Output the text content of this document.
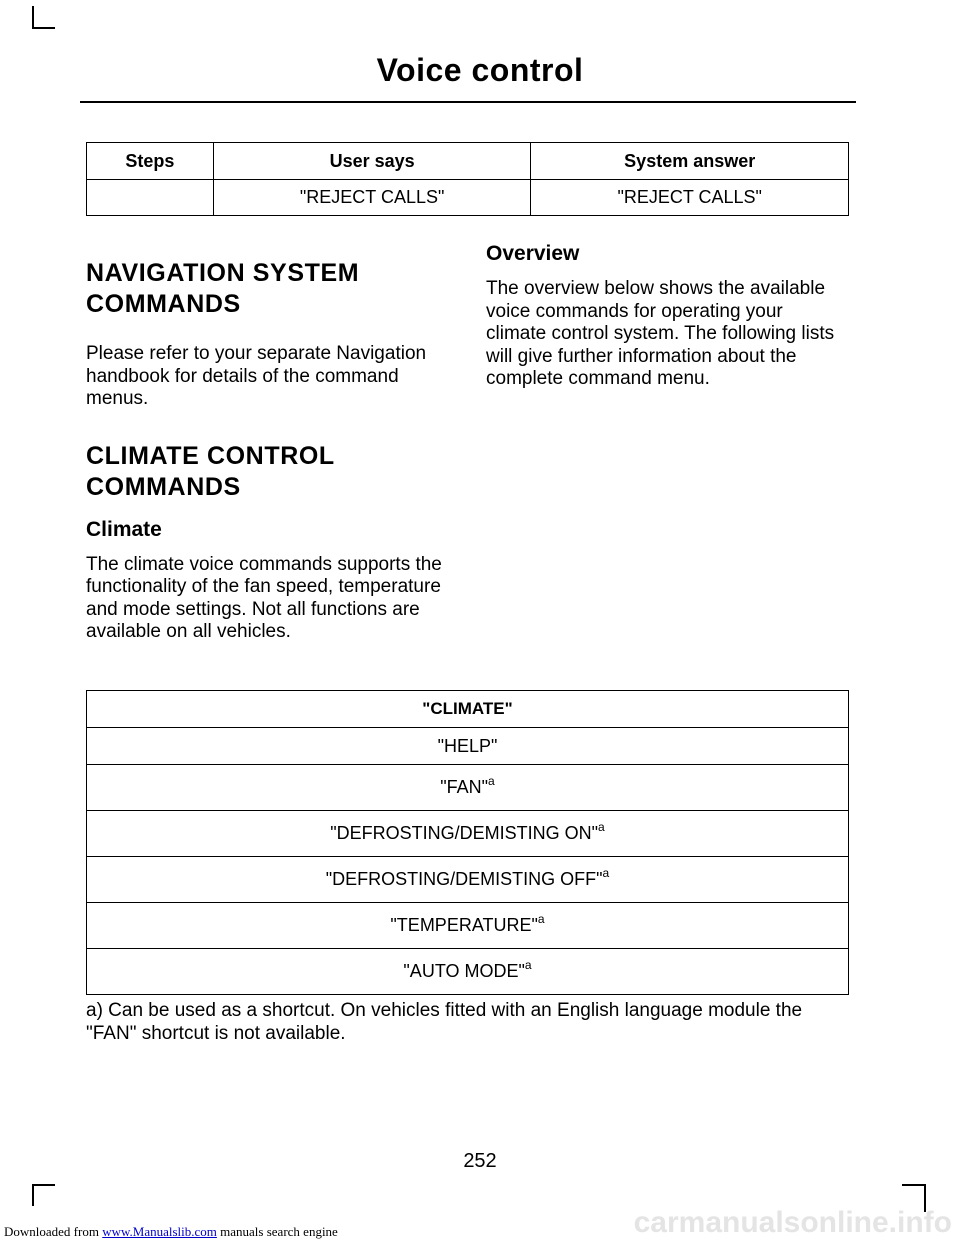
Voice control
Steps	User says	System answer
	"REJECT CALLS"	"REJECT CALLS"
NAVIGATION SYSTEM
COMMANDS

Please refer to your separate Navigation handbook for details of the command menus.

CLIMATE CONTROL
COMMANDS
Climate

The climate voice commands supports the functionality of the fan speed, temperature and mode settings. Not all functions are available on all vehicles.

Overview

The overview below shows the available voice commands for operating your climate control system. The following lists will give further information about the complete command menu.

"CLIMATE"
"HELP"
"FAN"$^a$
"DEFROSTING/DEMISTING ON"$^a$
"DEFROSTING/DEMISTING OFF"$^a$
"TEMPERATURE"$^a$
"AUTO MODE"$^a$

a) Can be used as a shortcut. On vehicles fitted with an English language module the "FAN" shortcut is not available.

252
Downloaded from www.Manualslib.com manuals search engine	carmanualsonline.info
